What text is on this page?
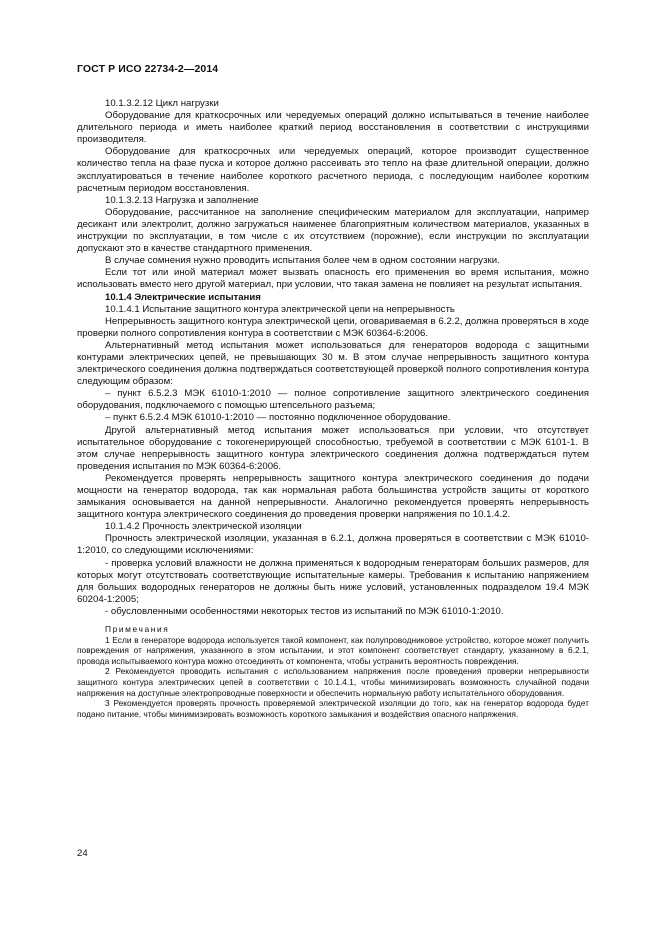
ГОСТ Р ИСО 22734-2—2014

10.1.3.2.12 Цикл нагрузки

Оборудование для краткосрочных или чередуемых операций должно испытываться в течение наиболее длительного периода и иметь наиболее краткий период восстановления в соответствии с инструкциями производителя.

Оборудование для краткосрочных или чередуемых операций, которое производит существенное количество тепла на фазе пуска и которое должно рассеивать это тепло на фазе длительной операции, должно эксплуатироваться в течение наиболее короткого расчетного периода, с последующим наиболее коротким расчетным периодом восстановления.

10.1.3.2.13 Нагрузка и заполнение

Оборудование, рассчитанное на заполнение специфическим материалом для эксплуатации, например десикант или электролит, должно загружаться наименее благоприятным количеством материалов, указанных в инструкции по эксплуатации, в том числе с их отсутствием (порожние), если инструкции по эксплуатации допускают это в качестве стандартного применения.

В случае сомнения нужно проводить испытания более чем в одном состоянии нагрузки.

Если тот или иной материал может вызвать опасность его применения во время испытания, можно использовать вместо него другой материал, при условии, что такая замена не повлияет на результат испытания.

10.1.4 Электрические испытания

10.1.4.1 Испытание защитного контура электрической цепи на непрерывность

Непрерывность защитного контура электрической цепи, оговариваемая в 6.2.2, должна проверяться в ходе проверки полного сопротивления контура в соответствии с МЭК 60364-6:2006.

Альтернативный метод испытания может использоваться для генераторов водорода с защитными контурами электрических цепей, не превышающих 30 м. В этом случае непрерывность защитного контура электрического соединения должна подтверждаться соответствующей проверкой полного сопротивления контура следующим образом:

– пункт 6.5.2.3 МЭК 61010-1:2010 — полное сопротивление защитного электрического соединения оборудования, подключаемого с помощью штепсельного разъема;

– пункт 6.5.2.4 МЭК 61010-1:2010 — постоянно подключенное оборудование.

Другой альтернативный метод испытания может использоваться при условии, что отсутствует испытательное оборудование с токогенерирующей способностью, требуемой в соответствии с МЭК 6101-1. В этом случае непрерывность защитного контура электрического соединения должна подтверждаться путем проведения испытания по МЭК 60364-6:2006.

Рекомендуется проверять непрерывность защитного контура электрического соединения до подачи мощности на генератор водорода, так как нормальная работа большинства устройств защиты от короткого замыкания основывается на данной непрерывности. Аналогично рекомендуется проверять непрерывность защитного контура электрического соединения до проведения проверки напряжения по 10.1.4.2.

10.1.4.2 Прочность электрической изоляции

Прочность электрической изоляции, указанная в 6.2.1, должна проверяться в соответствии с МЭК 61010-1:2010, со следующими исключениями:

- проверка условий влажности не должна применяться к водородным генераторам больших размеров, для которых могут отсутствовать соответствующие испытательные камеры. Требования к испытанию напряжением для больших водородных генераторов не должны быть ниже условий, установленных подразделом 19.4 МЭК 60204-1:2005;

- обусловленными особенностями некоторых тестов из испытаний по МЭК 61010-1:2010.

Примечания

1 Если в генераторе водорода используется такой компонент, как полупроводниковое устройство, которое может получить повреждения от напряжения, указанного в этом испытании, и этот компонент соответствует стандарту, указанному в 6.2.1, провода испытываемого контура можно отсоединять от компонента, чтобы устранить вероятность повреждения.

2 Рекомендуется проводить испытания с использованием напряжения после проведения проверки непрерывности защитного контура электрических цепей в соответствии с 10.1.4.1, чтобы минимизировать возможность случайной подачи напряжения на доступные электропроводные поверхности и обеспечить нормальную работу испытательного оборудования.

3 Рекомендуется проверять прочность проверяемой электрической изоляции до того, как на генератор водорода будет подано питание, чтобы минимизировать возможность короткого замыкания и воздействия опасного напряжения.

24
